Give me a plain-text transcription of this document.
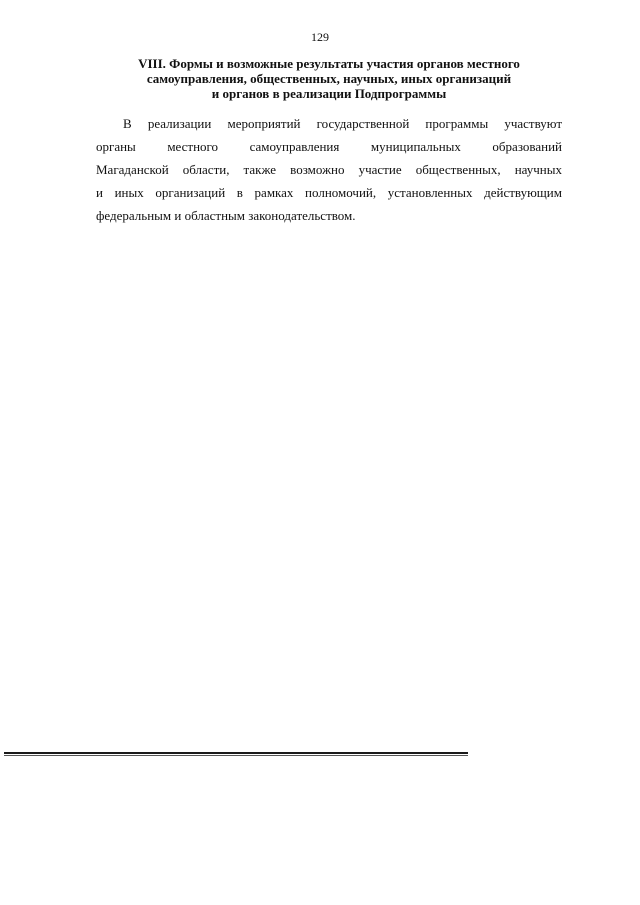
129
VIII. Формы и возможные результаты участия органов местного
самоуправления, общественных, научных, иных организаций
и органов в реализации Подпрограммы
В реализации мероприятий государственной программы участвуют
органы местного самоуправления муниципальных образований
Магаданской области, также возможно участие общественных, научных
и иных организаций в рамках полномочий, установленных действующим
федеральным и областным законодательством.
